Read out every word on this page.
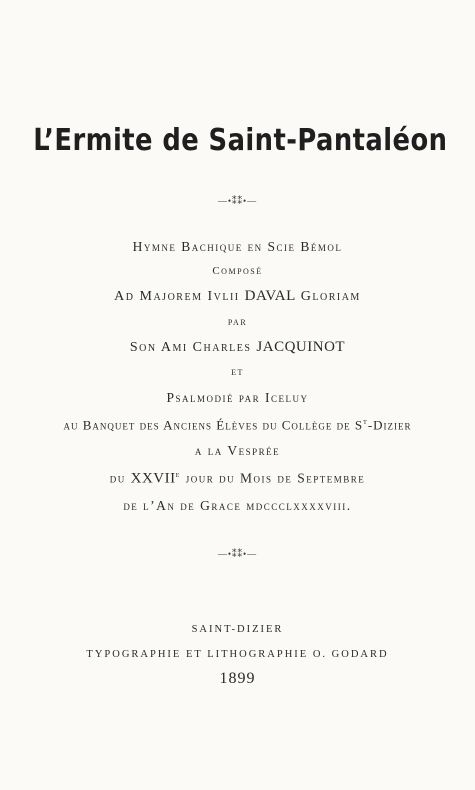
L’Ermite de Saint-Pantaléon
—•⁑⁑•—
Hymne Bachique en Scie Bémol
Composé
Ad Majorem Ivlii DAVAL Gloriam
par
Son Ami Charles JACQUINOT
et
Psalmodié par Iceluy
au Banquet des Anciens Élèves du Collège de $S^t$-Dizier
a la Vesprée
du XXVIIe jour du Mois de Septembre
de l’An de Grace mdccclxxxxviii.
—•⁑⁑•—
SAINT-DIZIER
TYPOGRAPHIE ET LITHOGRAPHIE O. GODARD
1899
